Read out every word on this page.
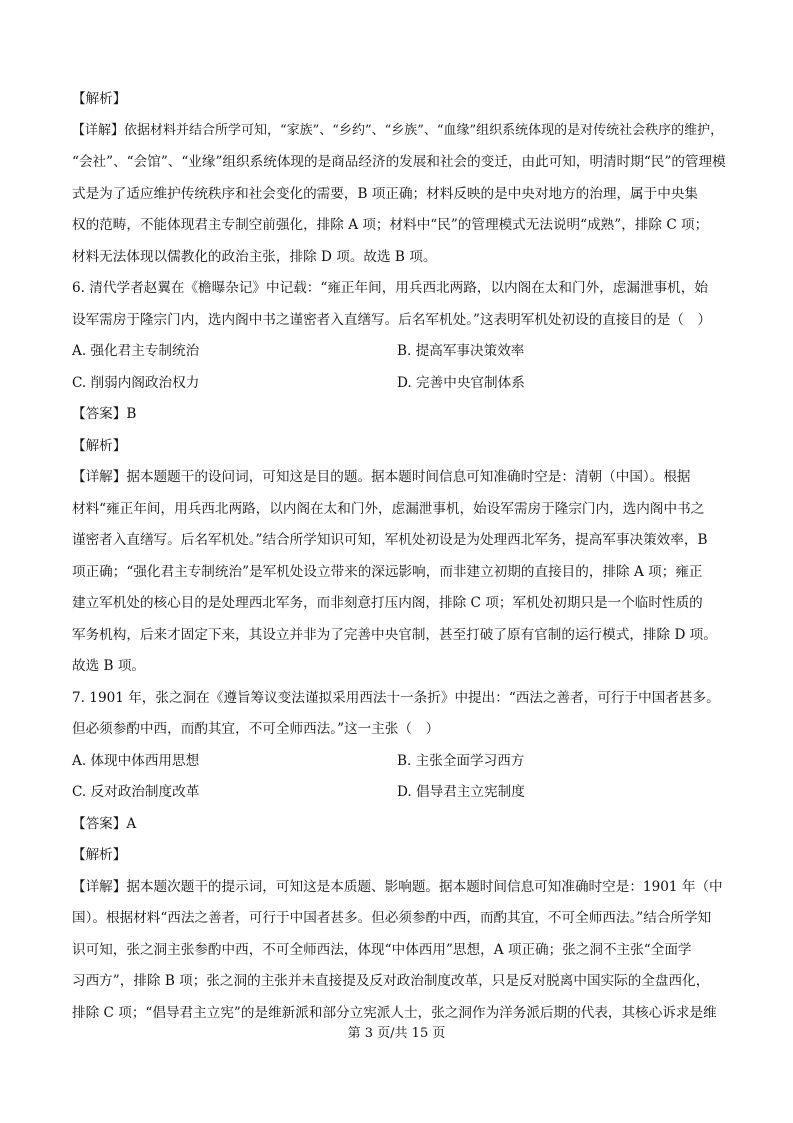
【解析】
【详解】依据材料并结合所学可知，“家族”、“乡约”、“乡族”、“血缘”组织系统体现的是对传统社会秩序的维护，
“会社”、“会馆”、“业缘”组织系统体现的是商品经济的发展和社会的变迁，由此可知，明清时期“民”的管理模
式是为了适应维护传统秩序和社会变化的需要，B 项正确；材料反映的是中央对地方的治理，属于中央集
权的范畴，不能体现君主专制空前强化，排除 A 项；材料中“民”的管理模式无法说明“成熟”，排除 C 项；
材料无法体现以儒教化的政治主张，排除 D 项。故选 B 项。
6. 清代学者赵翼在《檐曝杂记》中记载：“雍正年间，用兵西北两路，以内阁在太和门外，虑漏泄事机，始
设军需房于隆宗门内，选内阁中书之谨密者入直缮写。后名军机处。”这表明军机处初设的直接目的是（　）
A. 强化君主专制统治	B. 提高军事决策效率
C. 削弱内阁政治权力	D. 完善中央官制体系
【答案】B
【解析】
【详解】据本题题干的设问词，可知这是目的题。据本题时间信息可知准确时空是：清朝（中国）。根据
材料“雍正年间，用兵西北两路，以内阁在太和门外，虑漏泄事机，始设军需房于隆宗门内，选内阁中书之
谨密者入直缮写。后名军机处。”结合所学知识可知，军机处初设是为处理西北军务，提高军事决策效率，B
项正确；“强化君主专制统治”是军机处设立带来的深远影响，而非建立初期的直接目的，排除 A 项；雍正
建立军机处的核心目的是处理西北军务，而非刻意打压内阁，排除 C 项；军机处初期只是一个临时性质的
军务机构，后来才固定下来，其设立并非为了完善中央官制，甚至打破了原有官制的运行模式，排除 D 项。
故选 B 项。
7. 1901 年，张之洞在《遵旨筹议变法谨拟采用西法十一条折》中提出：“西法之善者，可行于中国者甚多。
但必须参酌中西，而酌其宜，不可全师西法。”这一主张（　）
A. 体现中体西用思想	B. 主张全面学习西方
C. 反对政治制度改革	D. 倡导君主立宪制度
【答案】A
【解析】
【详解】据本题次题干的提示词，可知这是本质题、影响题。据本题时间信息可知准确时空是：1901 年（中
国）。根据材料“西法之善者，可行于中国者甚多。但必须参酌中西，而酌其宜，不可全师西法。”结合所学知
识可知，张之洞主张参酌中西，不可全师西法，体现“中体西用”思想，A 项正确；张之洞不主张“全面学
习西方”，排除 B 项；张之洞的主张并未直接提及反对政治制度改革，只是反对脱离中国实际的全盘西化，
排除 C 项；“倡导君主立宪”的是维新派和部分立宪派人士，张之洞作为洋务派后期的代表，其核心诉求是维
第 3 页/共 15 页
